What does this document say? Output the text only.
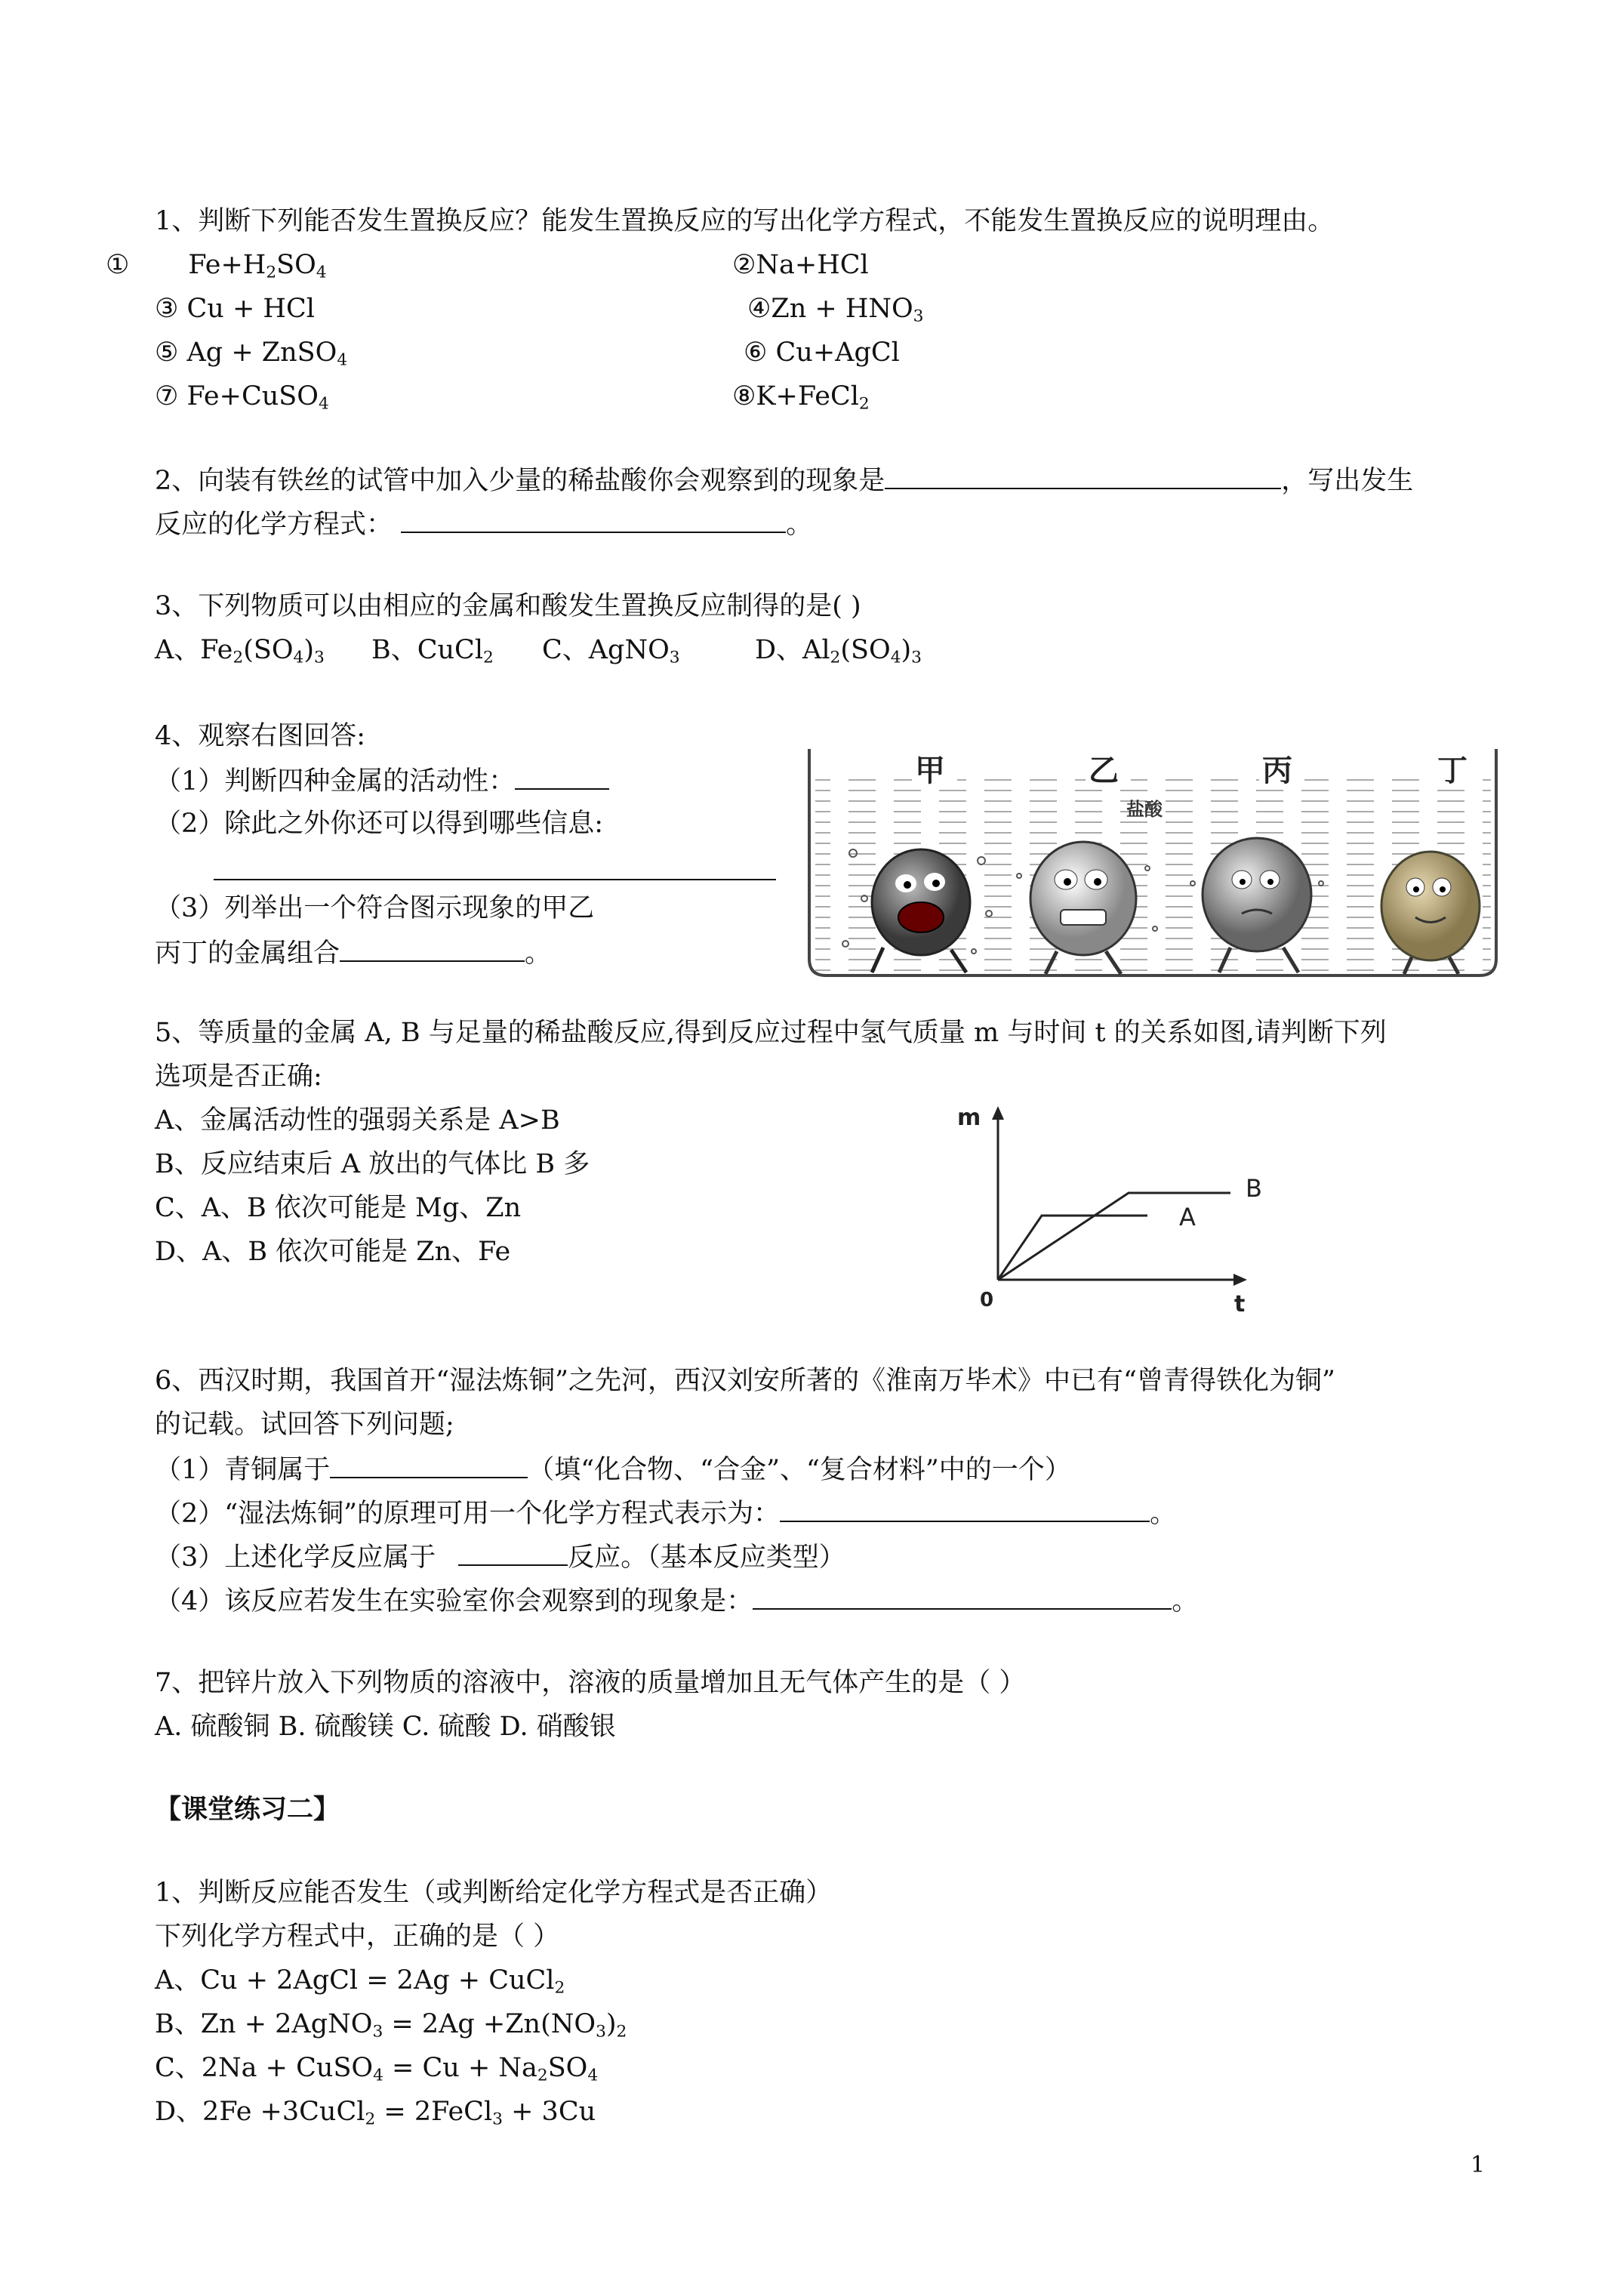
1、判断下列能否发生置换反应？能发生置换反应的写出化学方程式，不能发生置换反应的说明理由。
① $Fe+H_2SO_4$	②Na+HCl
③ Cu + HCl	④Zn + $HNO_3$
⑤ Ag + ZnSO$_4$	⑥ Cu+AgCl
⑦ Fe+CuSO$_4$	⑧K+FeCl$_2$
2、向装有铁丝的试管中加入少量的稀盐酸你会观察到的现象是	，写出发生
反应的化学方程式：	。
3、下列物质可以由相应的金属和酸发生置换反应制得的是( )
A、$Fe_2(SO_4)_3$ B、CuCl$_2$ C、AgNO$_3$	D、$Al_2(SO_4)_3$
4、观察右图回答:
（1）判断四种金属的活动性：
（2）除此之外你还可以得到哪些信息:
（3）列举出一个符合图示现象的甲乙
丙丁的金属组合	。
甲	乙	丙	丁
盐酸
5、等质量的金属 A, B 与足量的稀盐酸反应,得到反应过程中氢气质量 m 与时间 t 的关系如图,请判断下列
选项是否正确:
A、金属活动性的强弱关系是 A>B
B、反应结束后 A 放出的气体比 B 多
C、A、B 依次可能是 Mg、Zn
D、A、B 依次可能是 Zn、Fe
m
t
0
A
B
6、西汉时期，我国首开“湿法炼铜”之先河，西汉刘安所著的《淮南万毕术》中已有“曾青得铁化为铜”
的记载。试回答下列问题;
（1）青铜属于	（填“化合物、“合金”、“复合材料”中的一个）
（2）“湿法炼铜”的原理可用一个化学方程式表示为：	。
（3）上述化学反应属于	反应。（基本反应类型）
（4）该反应若发生在实验室你会观察到的现象是：	。
7、把锌片放入下列物质的溶液中，溶液的质量增加且无气体产生的是（ ）
A. 硫酸铜 B. 硫酸镁 C. 硫酸 D. 硝酸银
【课堂练习二】
1、判断反应能否发生（或判断给定化学方程式是否正确）
下列化学方程式中，正确的是（ ）
A、Cu + 2AgCl = 2Ag + CuCl$_2$
B、Zn + 2AgNO$_3$ = $2Ag +Zn(NO_3)_2$
C、2Na + CuSO$_4$ = $Cu + Na_2SO_4$
D、2Fe +3CuCl$_2$ = 2FeCl$_3$ + 3Cu
1
